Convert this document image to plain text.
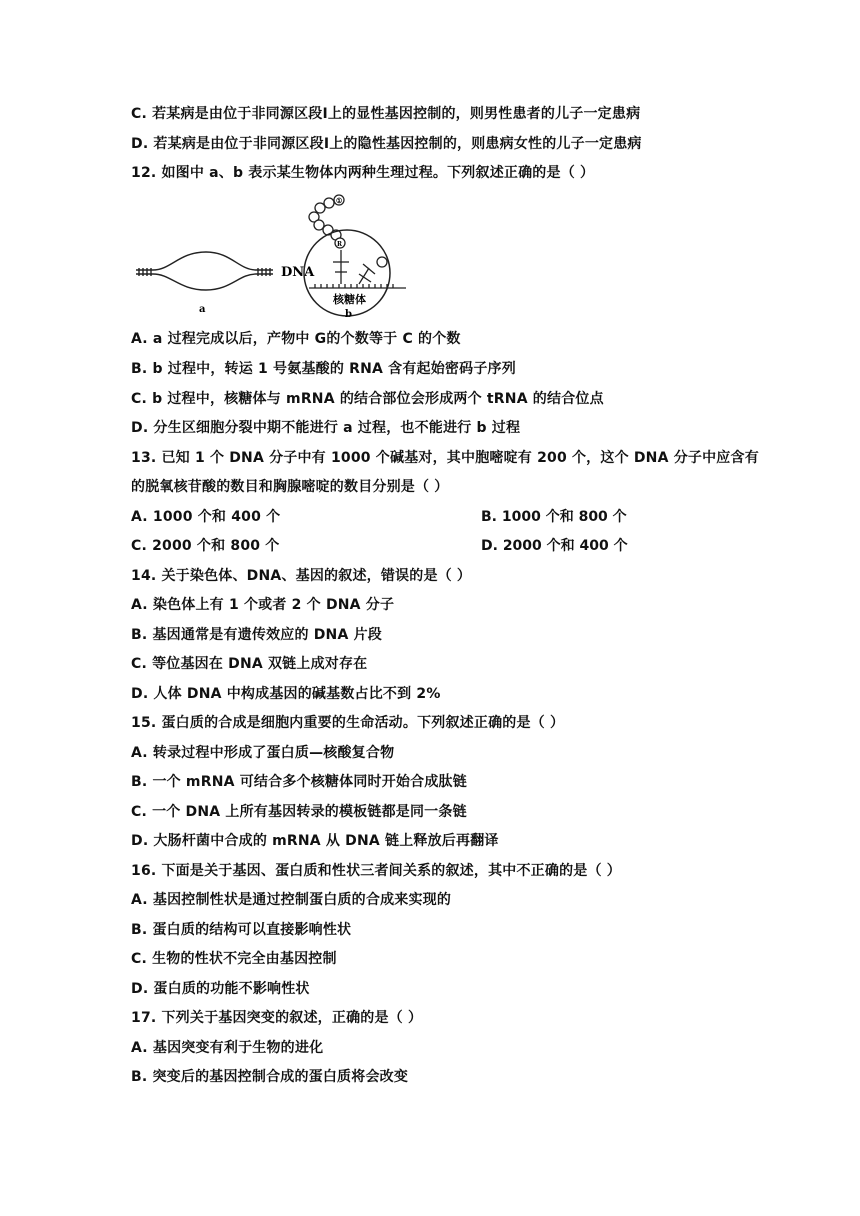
C. 若某病是由位于非同源区段Ⅰ上的显性基因控制的，则男性患者的儿子一定患病
D. 若某病是由位于非同源区段Ⅰ上的隐性基因控制的，则患病女性的儿子一定患病
12. 如图中 a、b 表示某生物体内两种生理过程。下列叙述正确的是（ ）
DNA
a
①
R
核糖体
b
A. a 过程完成以后，产物中 G的个数等于 C 的个数
B. b 过程中，转运 1 号氨基酸的 RNA 含有起始密码子序列
C. b 过程中，核糖体与 mRNA 的结合部位会形成两个 tRNA 的结合位点
D. 分生区细胞分裂中期不能进行 a 过程，也不能进行 b 过程
13. 已知 1 个 DNA 分子中有 1000 个碱基对，其中胞嘧啶有 200 个，这个 DNA 分子中应含有
的脱氧核苷酸的数目和胸腺嘧啶的数目分别是（ ）
A. 1000 个和 400 个	B. 1000 个和 800 个
C. 2000 个和 800 个	D. 2000 个和 400 个
14. 关于染色体、DNA、基因的叙述，错误的是（ ）
A. 染色体上有 1 个或者 2 个 DNA 分子
B. 基因通常是有遗传效应的 DNA 片段
C. 等位基因在 DNA 双链上成对存在
D. 人体 DNA 中构成基因的碱基数占比不到 2%
15. 蛋白质的合成是细胞内重要的生命活动。下列叙述正确的是（ ）
A. 转录过程中形成了蛋白质—核酸复合物
B. 一个 mRNA 可结合多个核糖体同时开始合成肽链
C. 一个 DNA 上所有基因转录的模板链都是同一条链
D. 大肠杆菌中合成的 mRNA 从 DNA 链上释放后再翻译
16. 下面是关于基因、蛋白质和性状三者间关系的叙述，其中不正确的是（ ）
A. 基因控制性状是通过控制蛋白质的合成来实现的
B. 蛋白质的结构可以直接影响性状
C. 生物的性状不完全由基因控制
D. 蛋白质的功能不影响性状
17. 下列关于基因突变的叙述，正确的是（ ）
A. 基因突变有利于生物的进化
B. 突变后的基因控制合成的蛋白质将会改变
